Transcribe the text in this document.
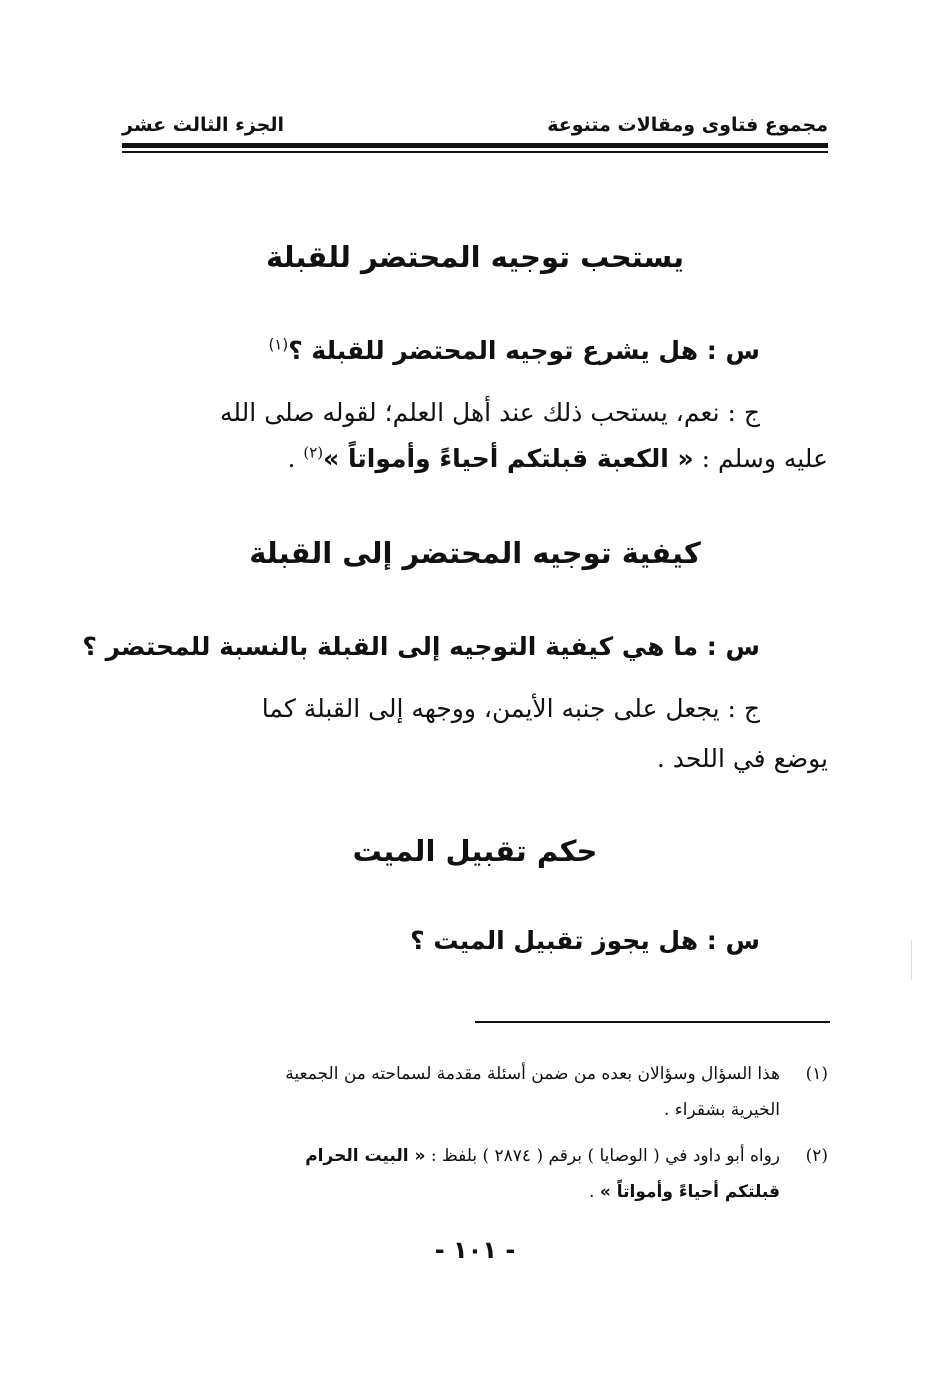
مجموع فتاوى ومقالات متنوعة
الجزء الثالث عشر
يستحب توجيه المحتضر للقبلة
س : هل يشرع توجيه المحتضر للقبلة ؟$^{(١)}$
ج : نعم، يستحب ذلك عند أهل العلم؛ لقوله صلى الله
عليه وسلم : « الكعبة قبلتكم أحياءً وأمواتاً »$^{(٢)}$ .
كيفية توجيه المحتضر إلى القبلة
س : ما هي كيفية التوجيه إلى القبلة بالنسبة للمحتضر ؟
ج : يجعل على جنبه الأيمن، ووجهه إلى القبلة كما
يوضع في اللحد .
حكم تقبيل الميت
س : هل يجوز تقبيل الميت ؟
(١)
هذا السؤال وسؤالان بعده من ضمن أسئلة مقدمة لسماحته من الجمعية
الخيرية بشقراء .
(٢)
رواه أبو داود في ( الوصايا ) برقم ( ٢٨٧٤ ) بلفظ : « البيت الحرام
قبلتكم أحياءً وأمواتاً » .
- ١٠١ -
